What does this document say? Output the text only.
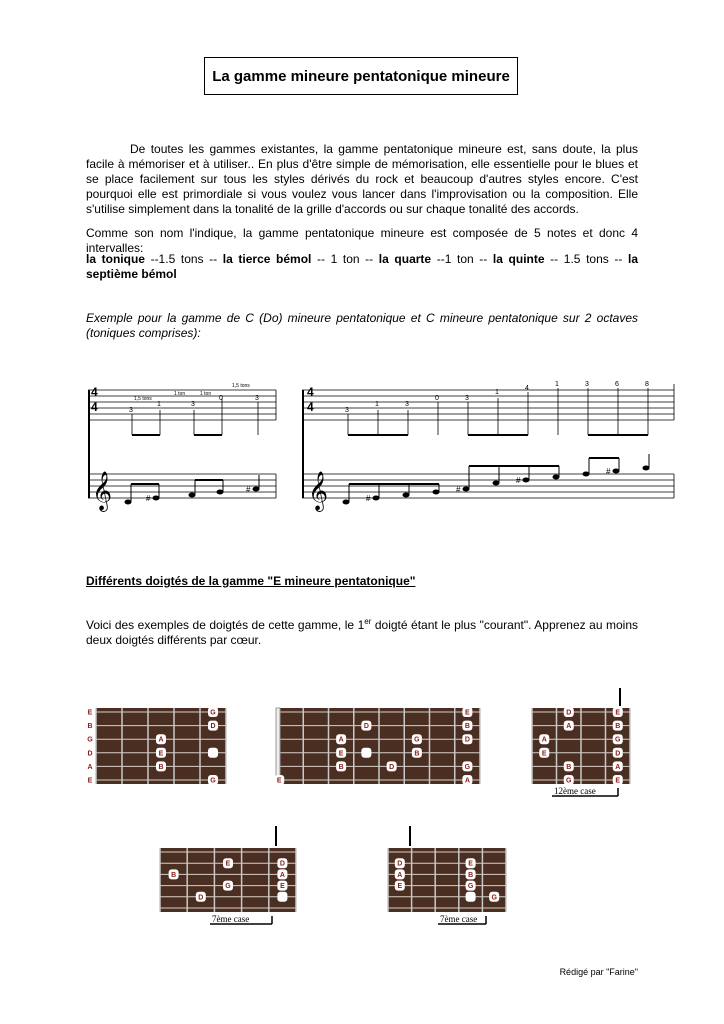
La gamme mineure pentatonique mineure
De toutes les gammes existantes, la gamme pentatonique mineure est, sans doute, la plus facile à mémoriser et à utiliser.. En plus d'être simple de mémorisation, elle essentielle pour le blues et se place facilement sur tous les styles dérivés du rock et beaucoup d'autres styles encore. C'est pourquoi elle est primordiale si vous voulez vous lancer dans l'improvisation ou la composition. Elle s'utilise simplement dans la tonalité de la grille d'accords ou sur chaque tonalité des accords.
Comme son nom l'indique, la gamme pentatonique mineure est composée de 5 notes et donc 4 intervalles:
la tonique --1.5 tons -- la tierce bémol -- 1 ton -- la quarte --1 ton -- la quinte -- 1.5 tons -- la septième bémol
Exemple pour la gamme de C (Do) mineure pentatonique et C mineure pentatonique sur 2 octaves (toniques comprises):
4
4	3
1	3
0	3
1,5 tons
1 ton	1 ton
1,5 tons
𝄞	#
#
4
4	3
1	3
0	3
1
4
1	3	6	8
𝄞	#
#
#
#
Différents doigtés de la gamme "E mineure pentatonique"
Voici des exemples de doigtés de cette gamme, le 1er doigté étant le plus "courant". Apprenez au moins deux doigtés différents par cœur.
G
D
A
E
B
G
E
B
G
D
A
E	E
E
D
A
E
B
A
B
B
G
G
D
D
D
A
A
E
B
G
E
B
G
D
A
E
12ème case
E
B
G
D
A
E
D
7ème case
D
A
E
E
B
G
G
7ème case
Rédigé par "Farine"
